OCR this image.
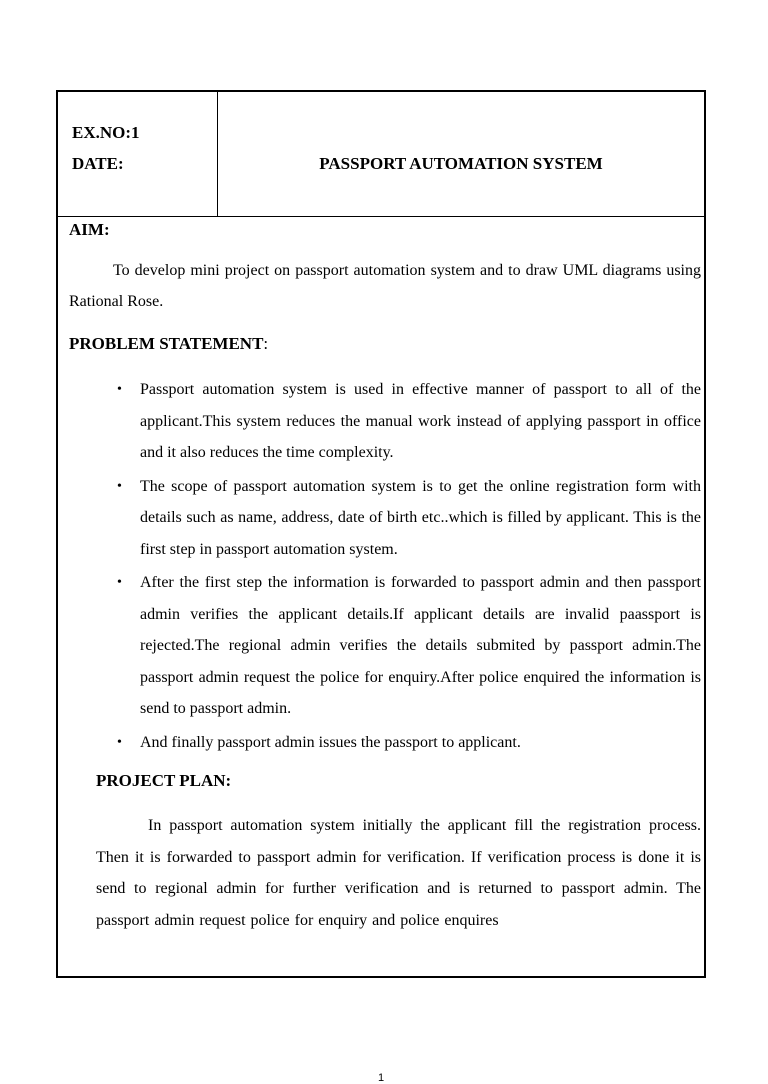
EX.NO:1
DATE:	PASSPORT AUTOMATION SYSTEM
AIM:

To develop mini project on passport automation system and to draw UML diagrams using Rational Rose.

PROBLEM STATEMENT:
• Passport automation system is used in effective manner of passport to all of the applicant.This system reduces the manual work instead of applying passport in office and it also reduces the time complexity.
• The scope of passport automation system is to get the online registration form with details such as name, address, date of birth etc..which is filled by applicant. This is the first step in passport automation system.
• After the first step the information is forwarded to passport admin and then passport admin verifies the applicant details.If applicant details are invalid paassport is rejected.The regional admin verifies the details submited by passport admin.The passport admin request the police for enquiry.After police enquired the information is send to passport admin.
• And finally passport admin issues the passport to applicant.
PROJECT PLAN:

In passport automation system initially the applicant fill the registration process. Then it is forwarded to passport admin for verification. If verification process is done it is send to regional admin for further verification and is returned to passport admin. The passport admin request police for enquiry and police enquires

1
